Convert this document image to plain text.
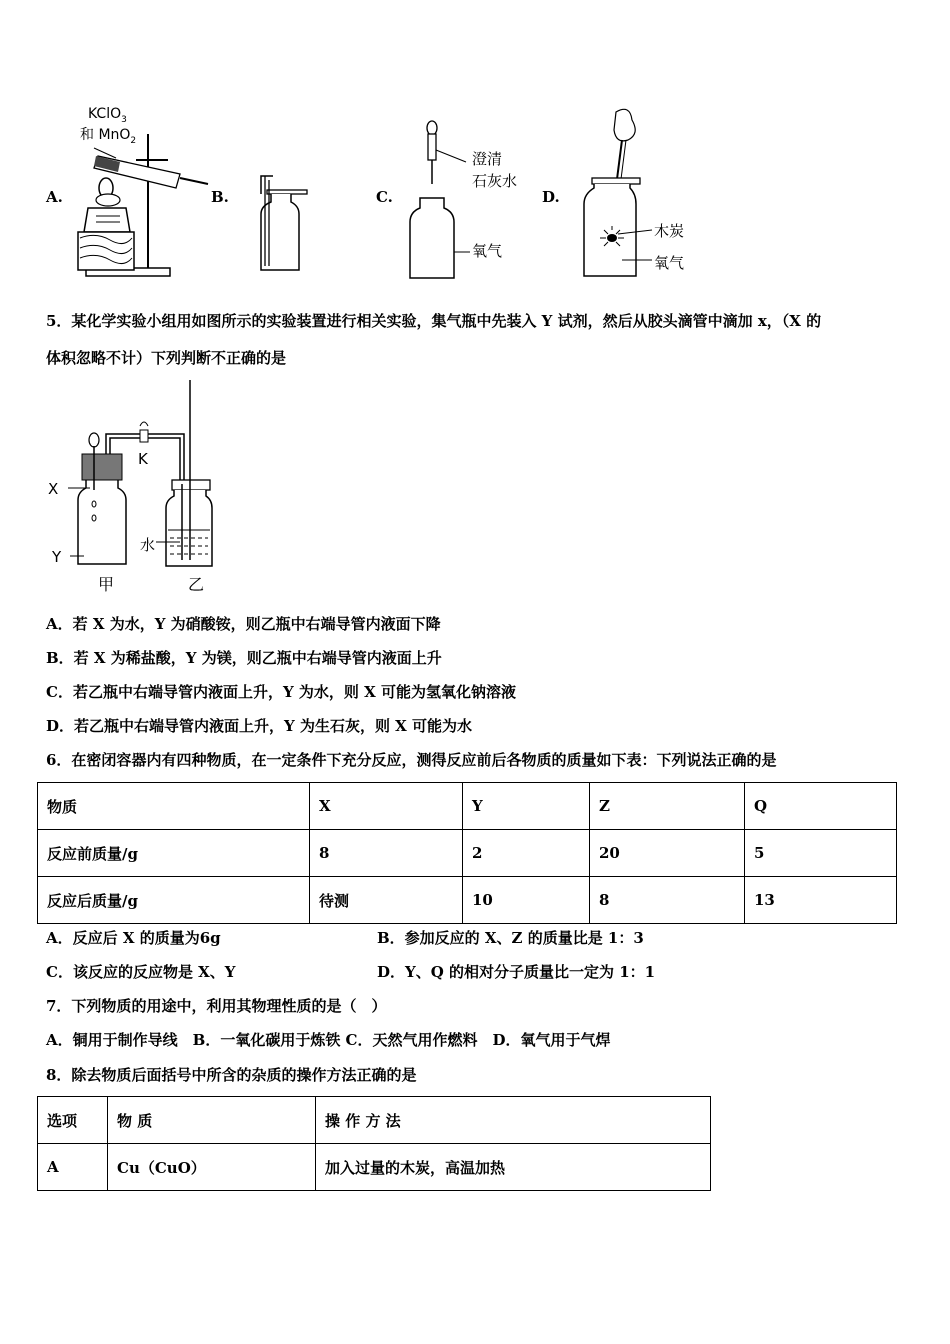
A.
KClO$_3$
和 MnO$_2$
B.	C.
澄清
石灰水
氧气
D.
木炭
氧气
5．某化学实验小组用如图所示的实验装置进行相关实验，集气瓶中先装入 Y 试剂，然后从胶头滴管中滴加 x，（X 的
体积忽略不计）下列判断不正确的是
X
Y
K
水
甲	乙
A．若 X 为水，Y 为硝酸铵，则乙瓶中右端导管内液面下降
B．若 X 为稀盐酸，Y 为镁，则乙瓶中右端导管内液面上升
C．若乙瓶中右端导管内液面上升，Y 为水，则 X 可能为氢氧化钠溶液
D．若乙瓶中右端导管内液面上升，Y 为生石灰，则 X 可能为水
6．在密闭容器内有四种物质，在一定条件下充分反应，测得反应前后各物质的质量如下表：下列说法正确的是
物质	X	Y	Z	Q
反应前质量/g	8	2	20	5
反应后质量/g	待测	10	8	13
A．反应后 X 的质量为6g	B．参加反应的 X、Z 的质量比是 1：3
C．该反应的反应物是 X、Y	D．Y、Q 的相对分子质量比一定为 1：1
7．下列物质的用途中，利用其物理性质的是（　）
A．铜用于制作导线　B．一氧化碳用于炼铁 C．天然气用作燃料　D．氧气用于气焊
8．除去物质后面括号中所含的杂质的操作方法正确的是
选项	物 质	操 作 方 法
A	Cu（CuO）	加入过量的木炭，高温加热
